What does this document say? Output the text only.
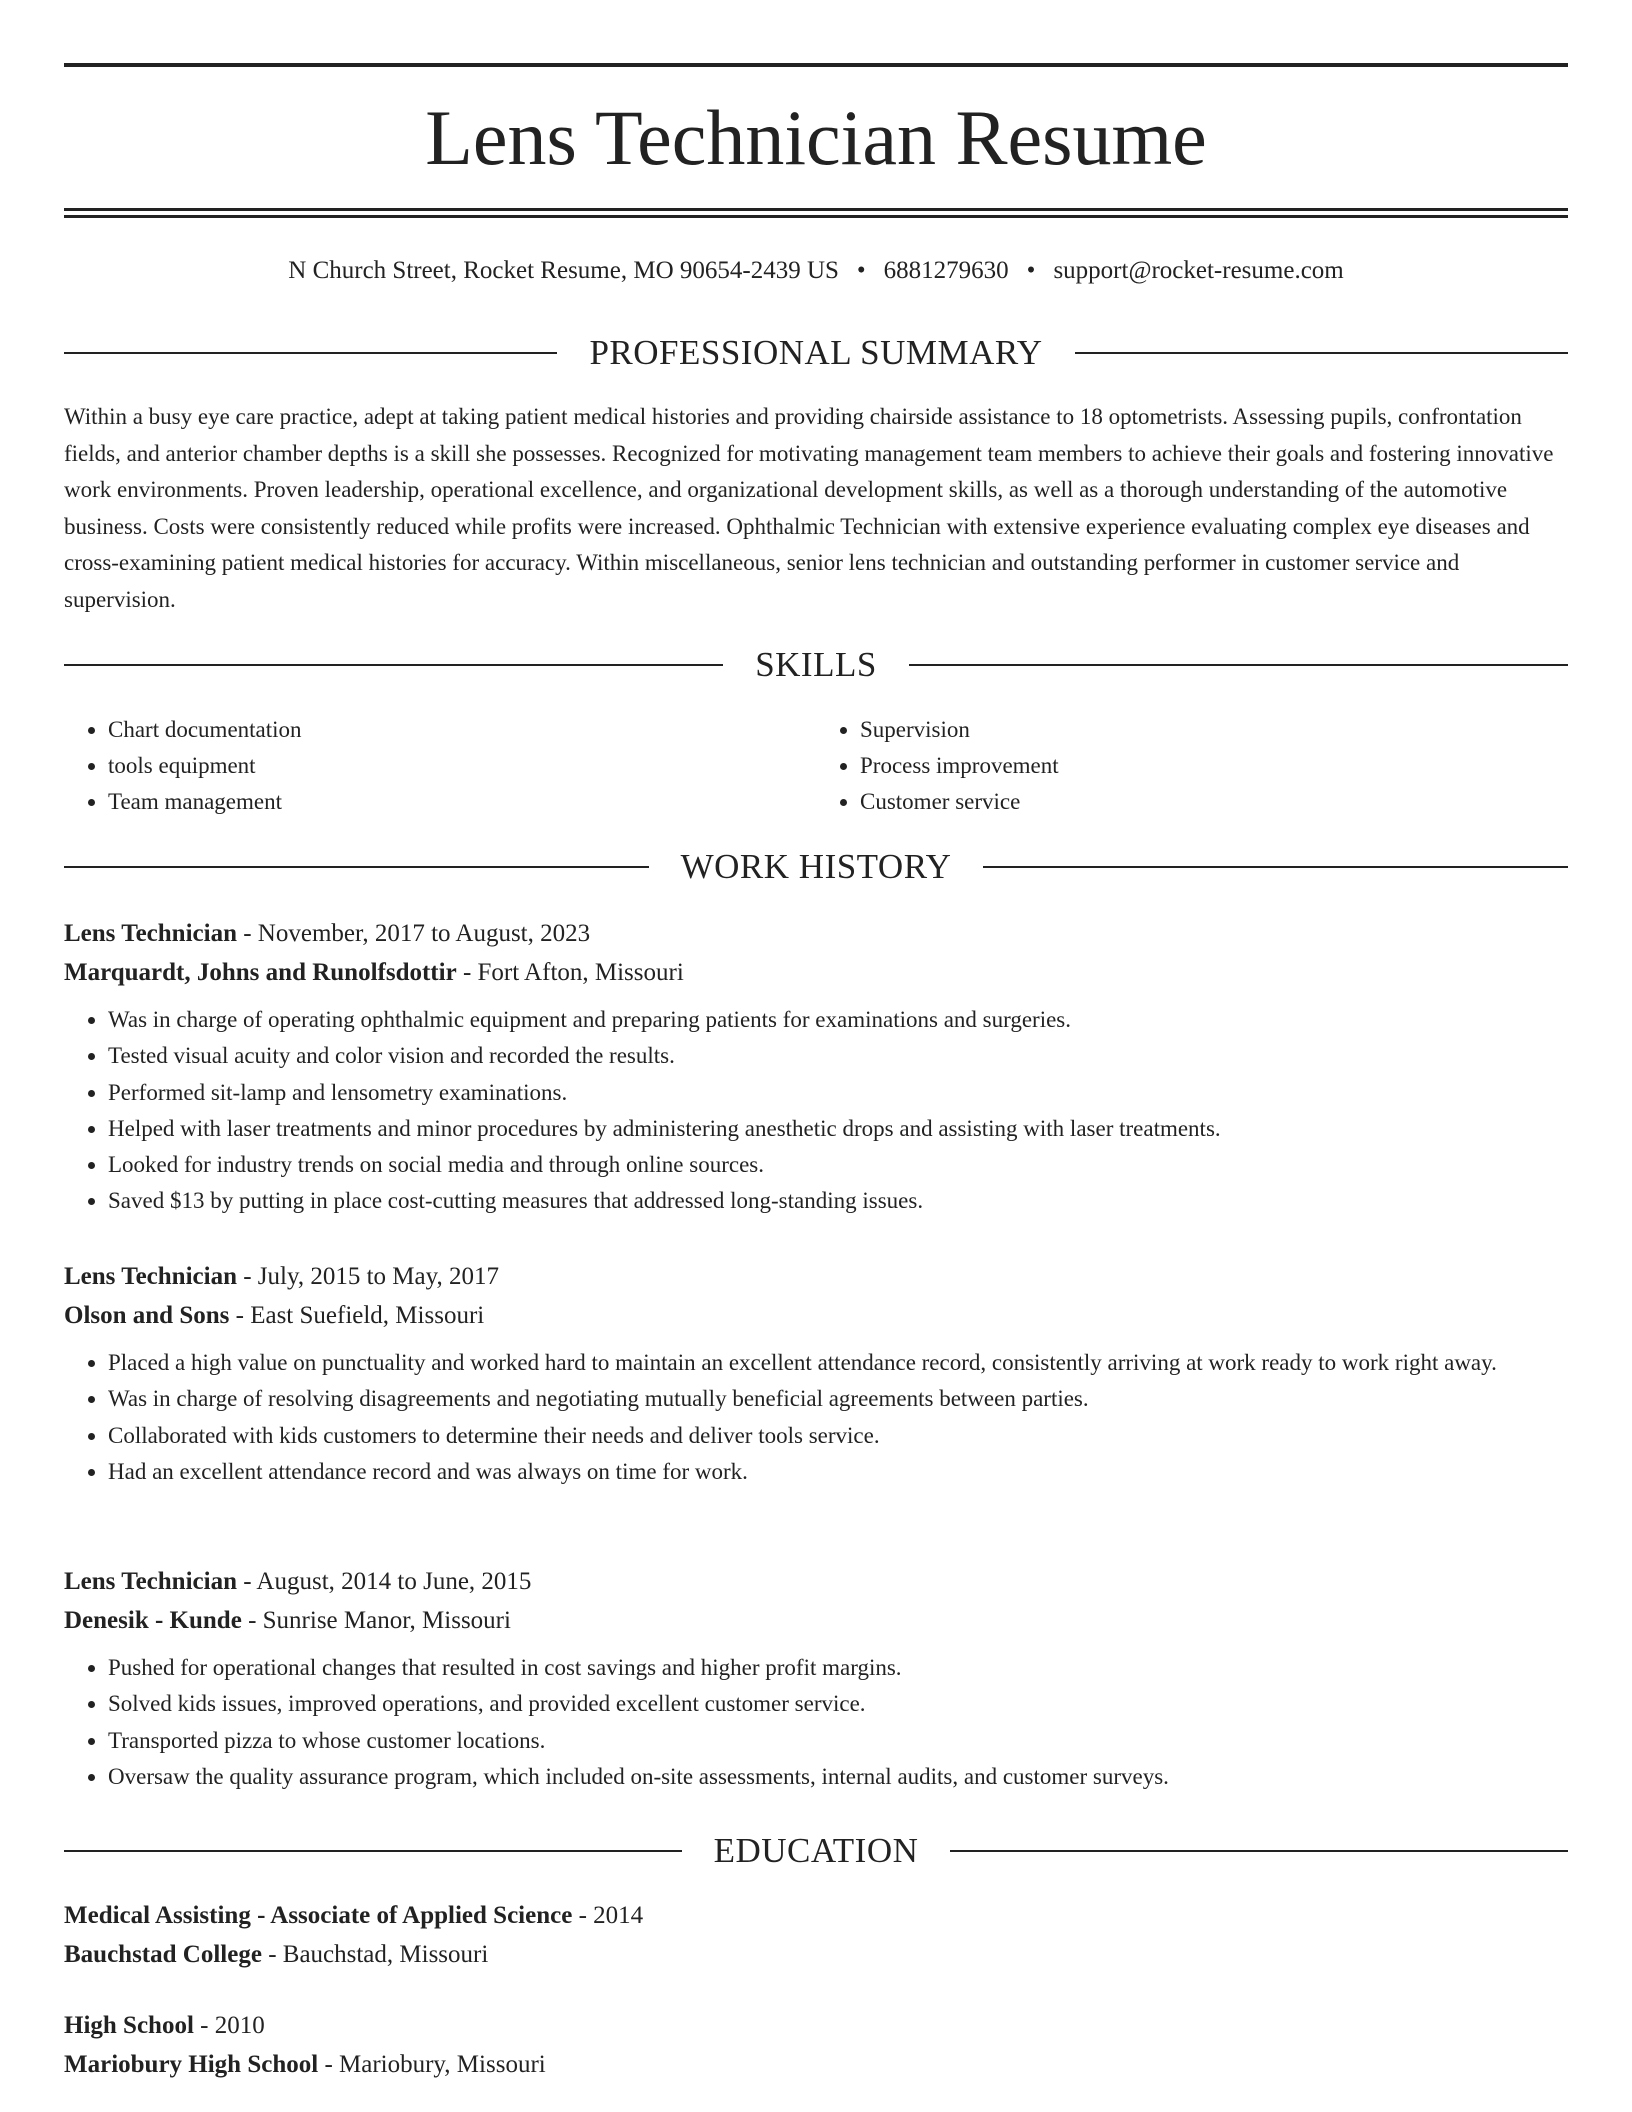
Lens Technician Resume
N Church Street, Rocket Resume, MO 90654-2439 US • 6881279630 • support@rocket-resume.com
PROFESSIONAL SUMMARY

Within a busy eye care practice, adept at taking patient medical histories and providing chairside assistance to 18 optometrists. Assessing pupils, confrontation fields, and anterior chamber depths is a skill she possesses. Recognized for motivating management team members to achieve their goals and fostering innovative work environments. Proven leadership, operational excellence, and organizational development skills, as well as a thorough understanding of the automotive business. Costs were consistently reduced while profits were increased. Ophthalmic Technician with extensive experience evaluating complex eye diseases and cross-examining patient medical histories for accuracy. Within miscellaneous, senior lens technician and outstanding performer in customer service and supervision.

SKILLS
• Chart documentation
• tools equipment
• Team management
• Supervision
• Process improvement
• Customer service
WORK HISTORY
Lens Technician - November, 2017 to August, 2023
Marquardt, Johns and Runolfsdottir - Fort Afton, Missouri
• Was in charge of operating ophthalmic equipment and preparing patients for examinations and surgeries.
• Tested visual acuity and color vision and recorded the results.
• Performed sit-lamp and lensometry examinations.
• Helped with laser treatments and minor procedures by administering anesthetic drops and assisting with laser treatments.
• Looked for industry trends on social media and through online sources.
• Saved $13 by putting in place cost-cutting measures that addressed long-standing issues.
Lens Technician - July, 2015 to May, 2017
Olson and Sons - East Suefield, Missouri
• Placed a high value on punctuality and worked hard to maintain an excellent attendance record, consistently arriving at work ready to work right away.
• Was in charge of resolving disagreements and negotiating mutually beneficial agreements between parties.
• Collaborated with kids customers to determine their needs and deliver tools service.
• Had an excellent attendance record and was always on time for work.
Lens Technician - August, 2014 to June, 2015
Denesik - Kunde - Sunrise Manor, Missouri
• Pushed for operational changes that resulted in cost savings and higher profit margins.
• Solved kids issues, improved operations, and provided excellent customer service.
• Transported pizza to whose customer locations.
• Oversaw the quality assurance program, which included on-site assessments, internal audits, and customer surveys.
EDUCATION
Medical Assisting - Associate of Applied Science - 2014
Bauchstad College - Bauchstad, Missouri
High School - 2010
Mariobury High School - Mariobury, Missouri
